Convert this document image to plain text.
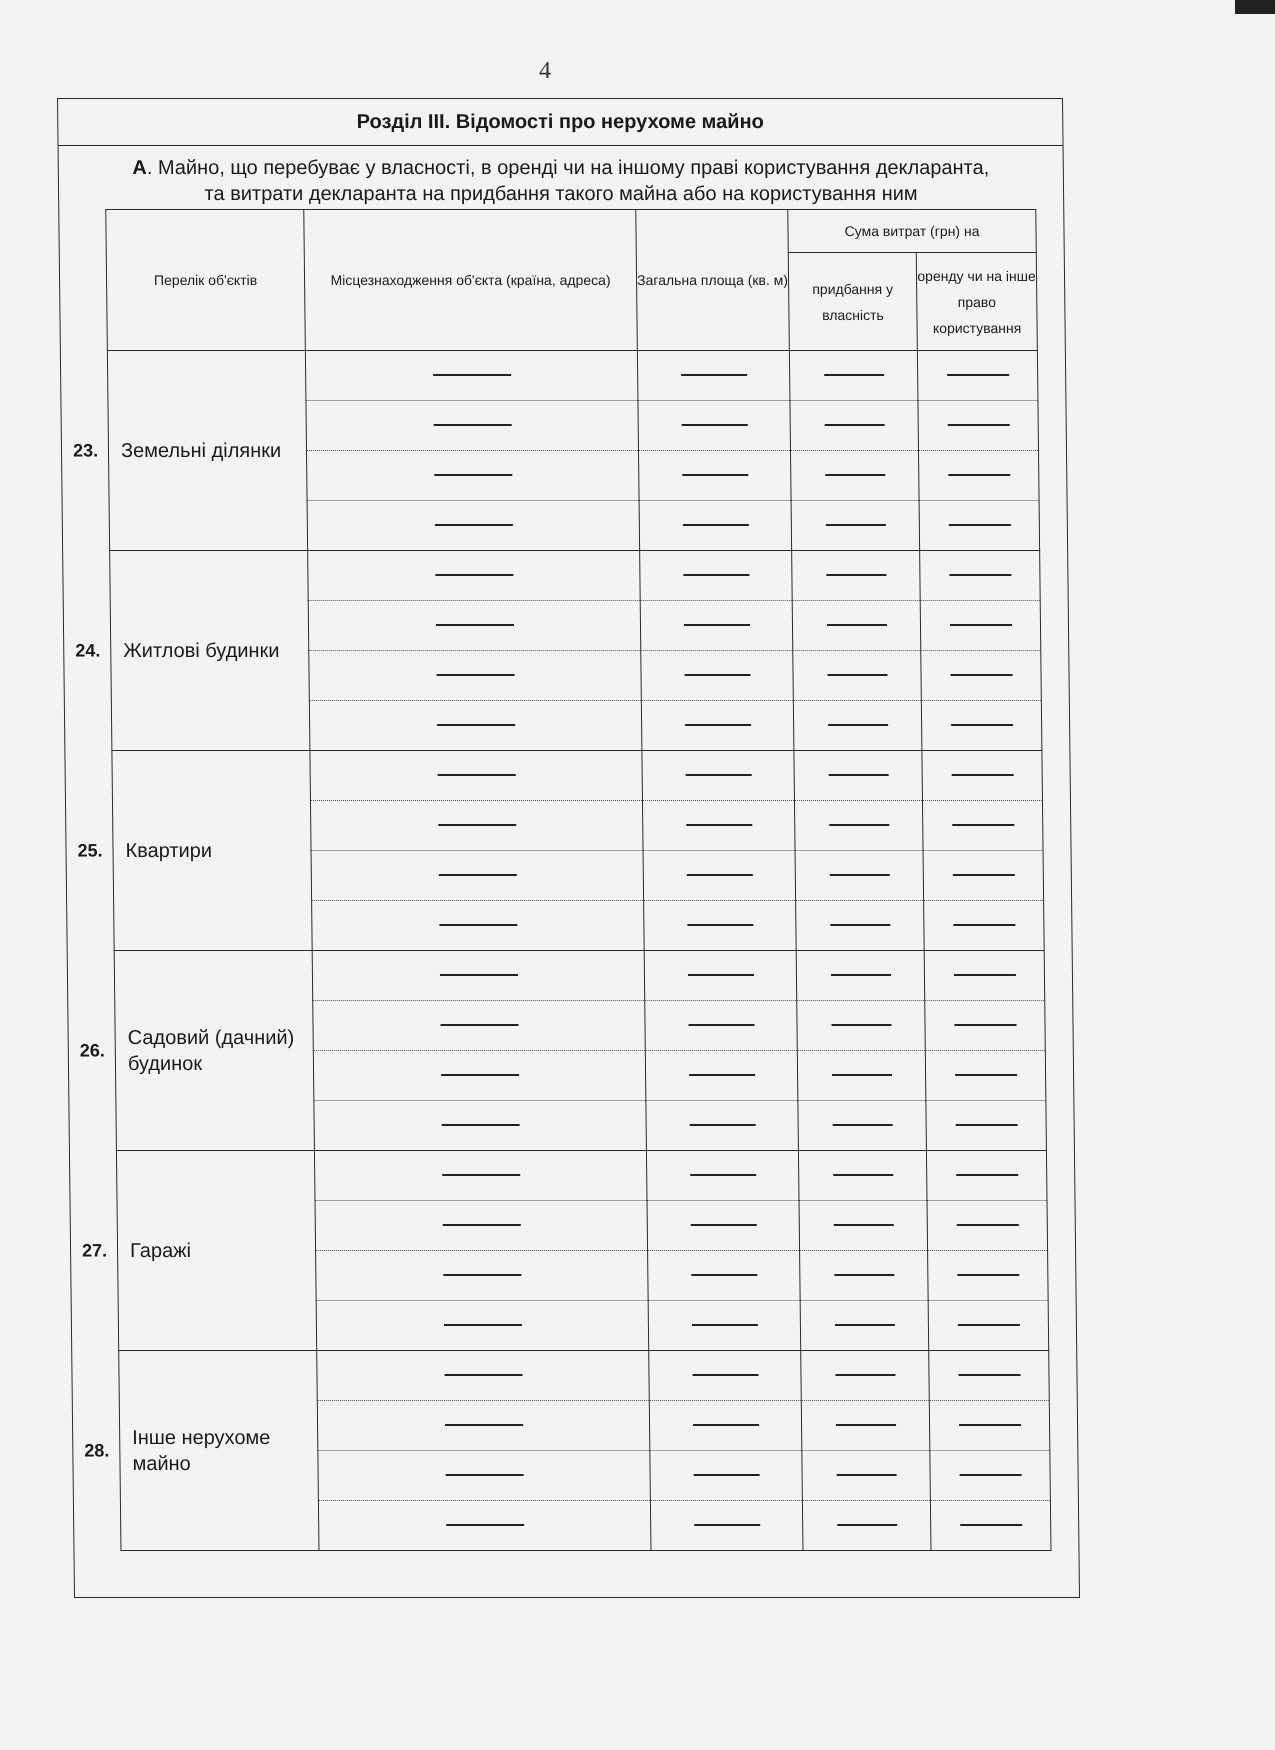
4
Розділ III. Відомості про нерухоме майно
А. Майно, що перебуває у власності, в оренді чи на іншому праві користування декларанта,
та витрати декларанта на придбання такого майна або на користування ним
Перелік об'єктів	Місцезнаходження об'єкта (країна, адреса)	Загальна площа (кв. м)	Сума витрат (грн) на	
			придбання у власність	оренду чи на інше право користування

23. Земельні ділянки				

24. Житлові будинки				

25. Квартири				

26.
Садовий (дачний) будинок				

27. Гаражі				

28.
Інше нерухоме майно				
